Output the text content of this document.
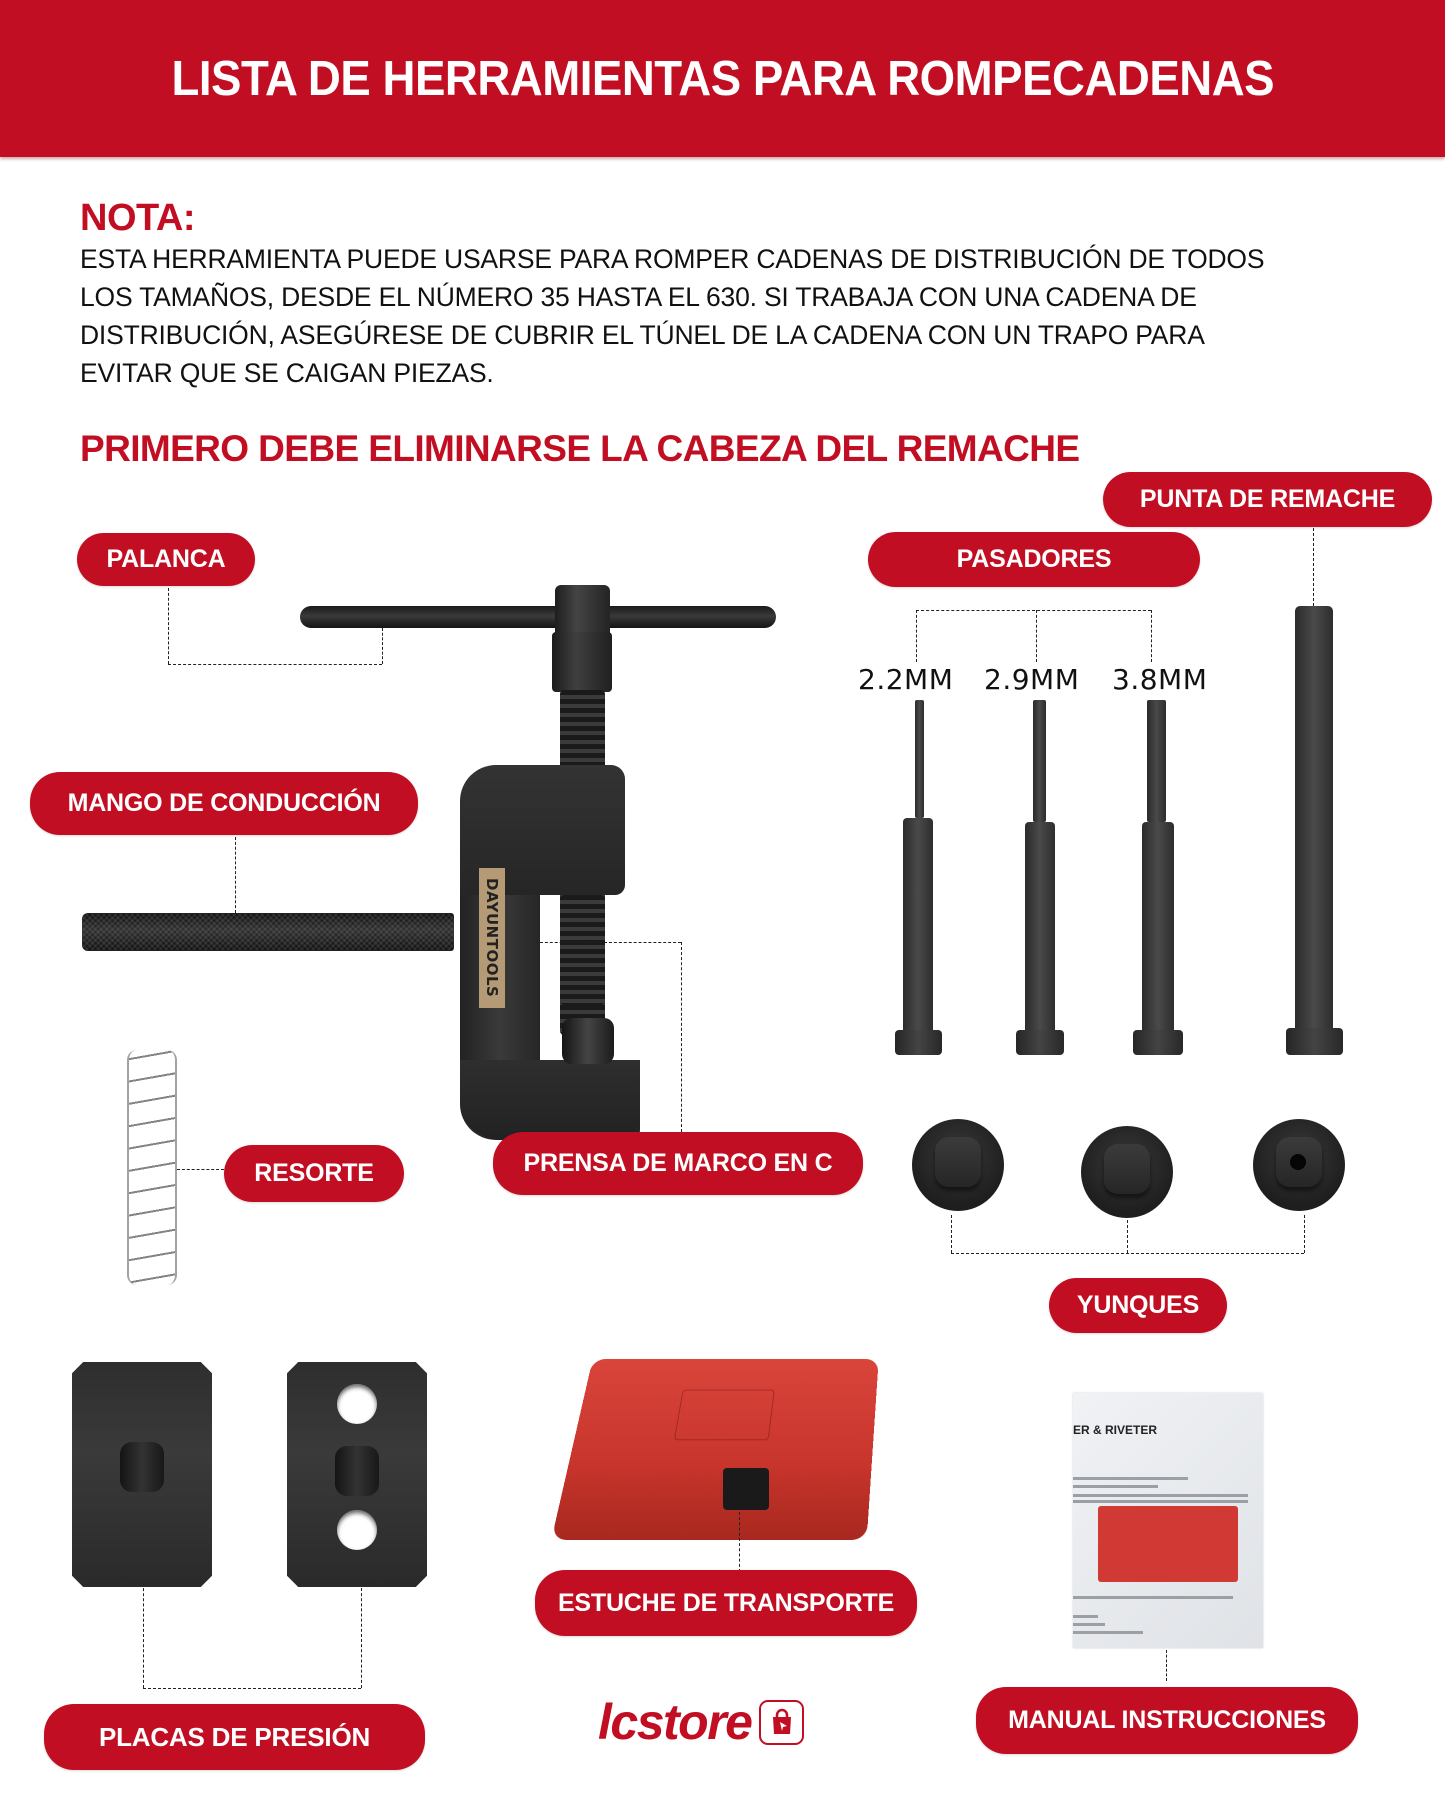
LISTA DE HERRAMIENTAS PARA ROMPECADENAS
NOTA:
ESTA HERRAMIENTA PUEDE USARSE PARA ROMPER CADENAS DE DISTRIBUCIÓN DE TODOS
LOS TAMAÑOS, DESDE EL NÚMERO 35 HASTA EL 630. SI TRABAJA CON UNA CADENA DE
DISTRIBUCIÓN, ASEGÚRESE DE CUBRIR EL TÚNEL DE LA CADENA CON UN TRAPO PARA
EVITAR QUE SE CAIGAN PIEZAS.
PRIMERO DEBE ELIMINARSE LA CABEZA DEL REMACHE
PALANCA
DAYUNTOOLS
MANGO DE CONDUCCIÓN
PRENSA DE MARCO EN C
RESORTE
PUNTA DE REMACHE
PASADORES
2.2MM 2.9MM 3.8MM
YUNQUES
PLACAS DE PRESIÓN
ESTUCHE DE TRANSPORTE
ER & RIVETER
MANUAL INSTRUCCIONES
lcstore
